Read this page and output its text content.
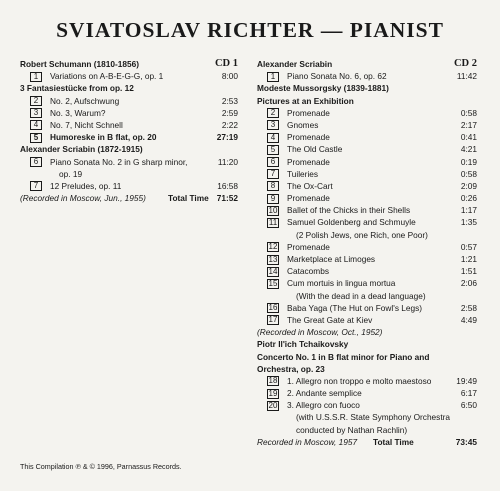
SVIATOSLAV RICHTER — PIANIST
Robert Schumann (1810-1856)	CD 1
1	Variations on A-B-E-G-G, op. 1	8:00
3 Fantasiestücke from op. 12
2	No. 2, Aufschwung	2:53
3	No. 3, Warum?	2:59
4	No. 7, Nicht Schnell	2:22
5	Humoreske in B flat, op. 20	27:19
Alexander Scriabin (1872-1915)
6	Piano Sonata No. 2 in G sharp minor,	11:20
op. 19
7	12 Preludes, op. 11	16:58
(Recorded in Moscow, Jun., 1955)	Total Time 71:52
Alexander Scriabin	CD 2
1	Piano Sonata No. 6, op. 62	11:42
Modeste Mussorgsky (1839-1881)
Pictures at an Exhibition
2	Promenade	0:58
3	Gnomes	2:17
4	Promenade	0:41
5	The Old Castle	4:21
6	Promenade	0:19
7	Tuileries	0:58
8	The Ox-Cart	2:09
9	Promenade	0:26
10 Ballet of the Chicks in their Shells	1:17
11 Samuel Goldenberg and Schmuyle	1:35
(2 Polish Jews, one Rich, one Poor)
12 Promenade	0:57
13 Marketplace at Limoges	1:21
14 Catacombs	1:51
15 Cum mortuis in lingua mortua	2:06
(With the dead in a dead language)
16 Baba Yaga (The Hut on Fowl's Legs)	2:58
17 The Great Gate at Kiev	4:49
(Recorded in Moscow, Oct., 1952)
Piotr Il'ich Tchaikovsky
Concerto No. 1 in B flat minor for Piano and
Orchestra, op. 23
18 1. Allegro non troppo e molto maestoso	19:49
19 2. Andante semplice	6:17
20 3. Allegro con fuoco	6:50
(with U.S.S.R. State Symphony Orchestra
conducted by Nathan Rachlin)
Recorded in Moscow, 1957 Total Time	73:45
This Compilation ℗ & © 1996, Parnassus Records.
